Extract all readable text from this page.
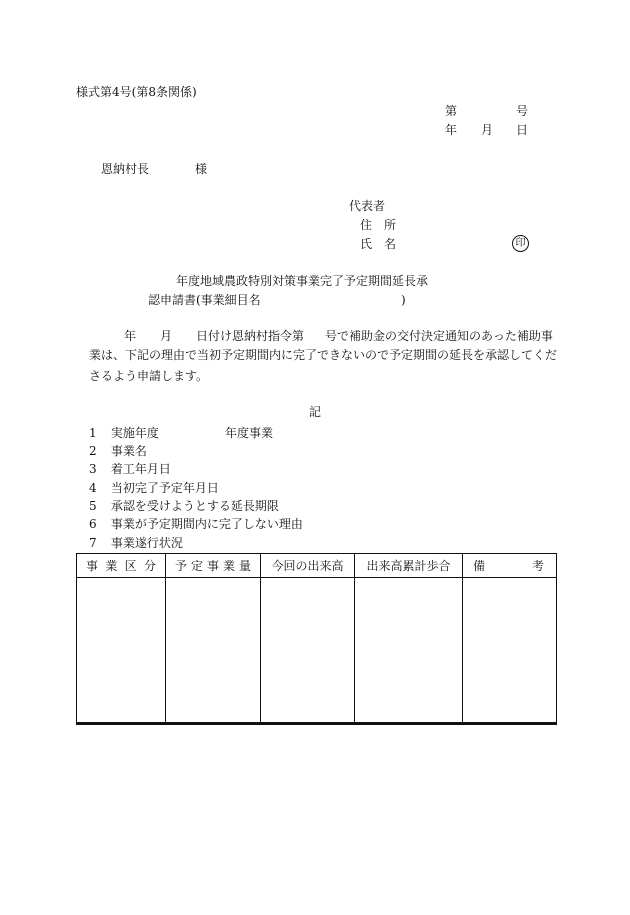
様式第4号(第8条関係)
第	号
年 月 日
恩納村長	様
代表者
住　所
氏　名	印
年度地域農政特別対策事業完了予定期間延長承
認申請書(事業細目名	)
年 月 日付け恩納村指令第 号で補助金の交付決定通知のあった補助事
業は、下記の理由で当初予定期間内に完了できないので予定期間の延長を承認してくださるよう申請します。
記
1 実施年度	年度事業
2 事業名
3 着工年月日
4 当初完了予定年月日
5 承認を受けようとする延長期限
6 事業が予定期間内に完了しない理由
7 事業遂行状況
事 業 区 分	予 定 事 業 量	今回の出来高	出来高累計歩合	備 考
